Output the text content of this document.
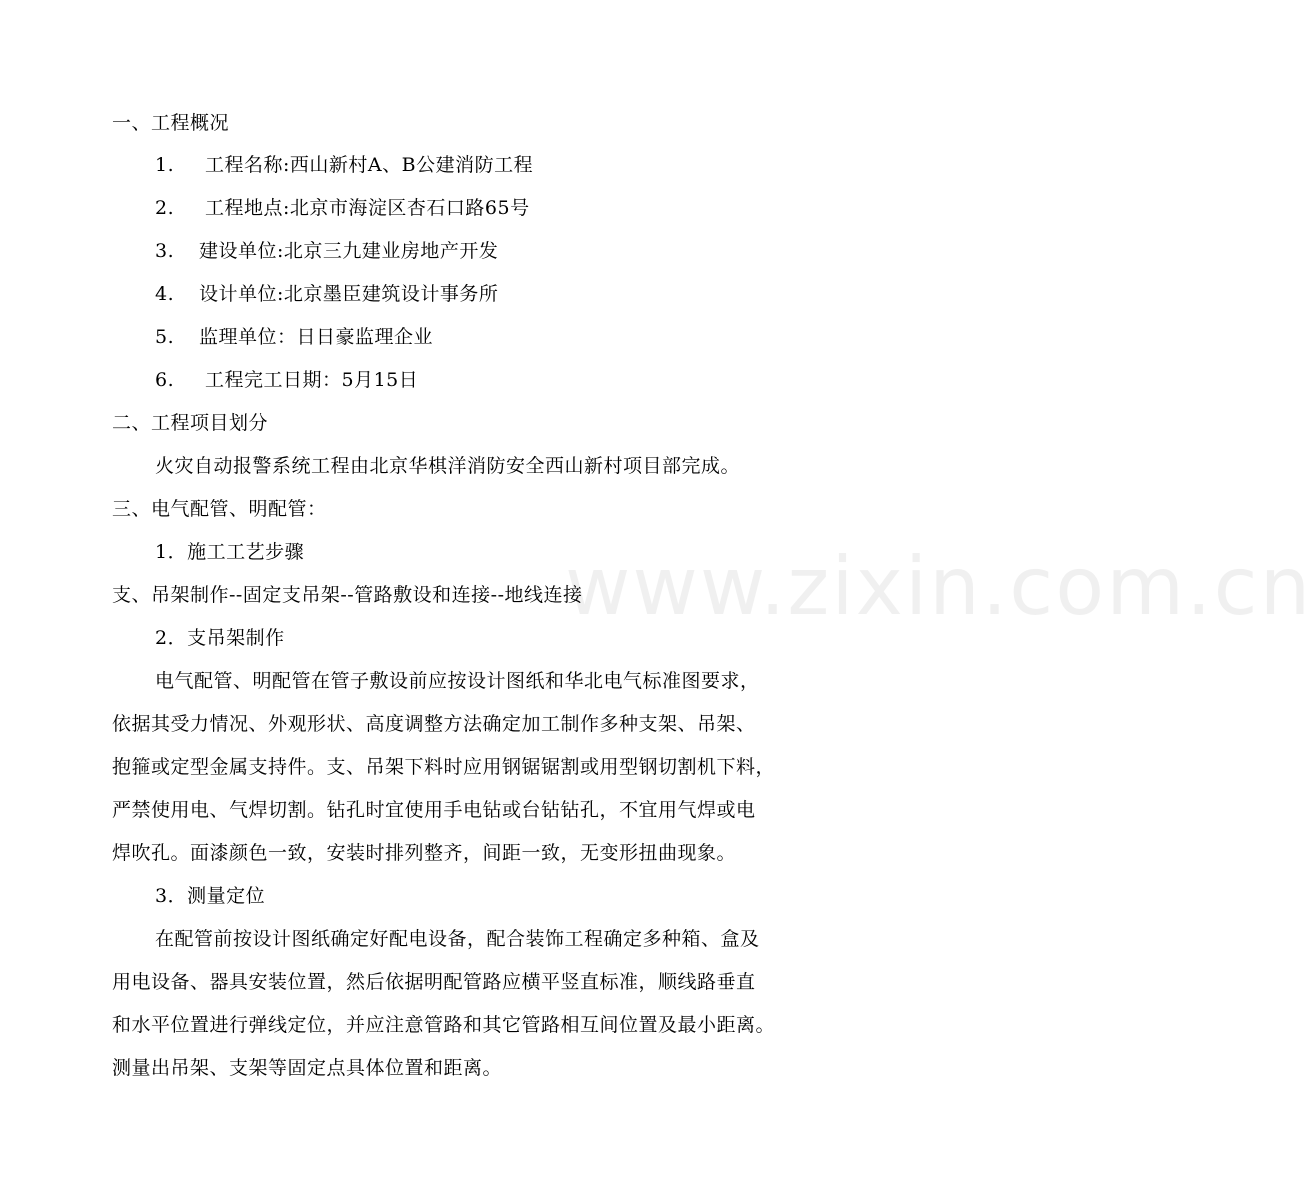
www.zixin.com.cn
一、工程概况
1. 工程名称:西山新村A、B公建消防工程
2. 工程地点:北京市海淀区杏石口路65号
3. 建设单位:北京三九建业房地产开发
4. 设计单位:北京墨臣建筑设计事务所
5. 监理单位：日日豪监理企业
6. 工程完工日期：5月15日
二、工程项目划分
火灾自动报警系统工程由北京华棋洋消防安全西山新村项目部完成。
三、电气配管、明配管：
1．施工工艺步骤
支、吊架制作--固定支吊架--管路敷设和连接--地线连接
2．支吊架制作
电气配管、明配管在管子敷设前应按设计图纸和华北电气标准图要求，
依据其受力情况、外观形状、高度调整方法确定加工制作多种支架、吊架、
抱箍或定型金属支持件。支、吊架下料时应用钢锯锯割或用型钢切割机下料，
严禁使用电、气焊切割。钻孔时宜使用手电钻或台钻钻孔，不宜用气焊或电
焊吹孔。面漆颜色一致，安装时排列整齐，间距一致，无变形扭曲现象。
3．测量定位
在配管前按设计图纸确定好配电设备，配合装饰工程确定多种箱、盒及
用电设备、器具安装位置，然后依据明配管路应横平竖直标准，顺线路垂直
和水平位置进行弹线定位，并应注意管路和其它管路相互间位置及最小距离。
测量出吊架、支架等固定点具体位置和距离。
